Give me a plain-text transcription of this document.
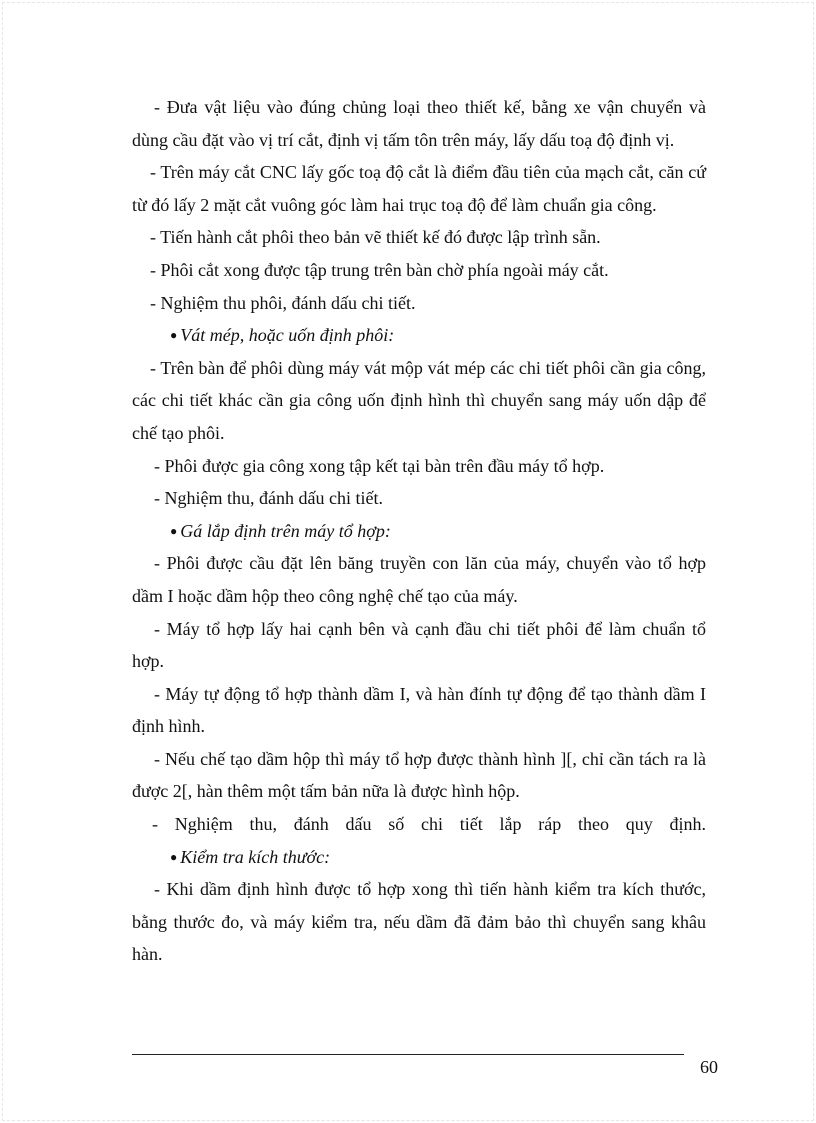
- Đưa vật liệu vào đúng chủng loại theo thiết kế, bằng xe vận chuyển và dùng cầu đặt vào vị trí cắt, định vị tấm tôn trên máy, lấy dấu toạ độ định vị.

- Trên máy cắt CNC lấy gốc toạ độ cắt là điểm đầu tiên của mạch cắt, căn cứ từ đó lấy 2 mặt cắt vuông góc làm hai trục toạ độ để làm chuẩn gia công.

- Tiến hành cắt phôi theo bản vẽ thiết kế đó được lập trình sẵn.

- Phôi cắt xong được tập trung trên bàn chờ phía ngoài máy cắt.

- Nghiệm thu phôi, đánh dấu chi tiết.

● Vát mép, hoặc uốn định phôi:

- Trên bàn để phôi dùng máy vát mộp vát mép các chi tiết phôi cần gia công, các chi tiết khác cần gia công uốn định hình thì chuyển sang máy uốn dập để chế tạo phôi.

- Phôi được gia công xong tập kết tại bàn trên đầu máy tổ hợp.

- Nghiệm thu, đánh dấu chi tiết.

● Gá lắp định trên máy tổ hợp:

- Phôi được cầu đặt lên băng truyền con lăn của máy, chuyển vào tổ hợp dầm I hoặc dầm hộp theo công nghệ chế tạo của máy.

- Máy tổ hợp lấy hai cạnh bên và cạnh đầu chi tiết phôi để làm chuẩn tổ hợp.

- Máy tự động tổ hợp thành dầm I, và hàn đính tự động để tạo thành dầm I định hình.

- Nếu chế tạo dầm hộp thì máy tổ hợp được thành hình ][, chỉ cần tách ra là được 2[, hàn thêm một tấm bản nữa là được hình hộp.

- Nghiệm thu, đánh dấu số chi tiết lắp ráp theo quy định.

● Kiểm tra kích thước:

- Khi dầm định hình được tổ hợp xong thì tiến hành kiểm tra kích thước, bằng thước đo, và máy kiểm tra, nếu dầm đã đảm bảo thì chuyển sang khâu hàn.

60
